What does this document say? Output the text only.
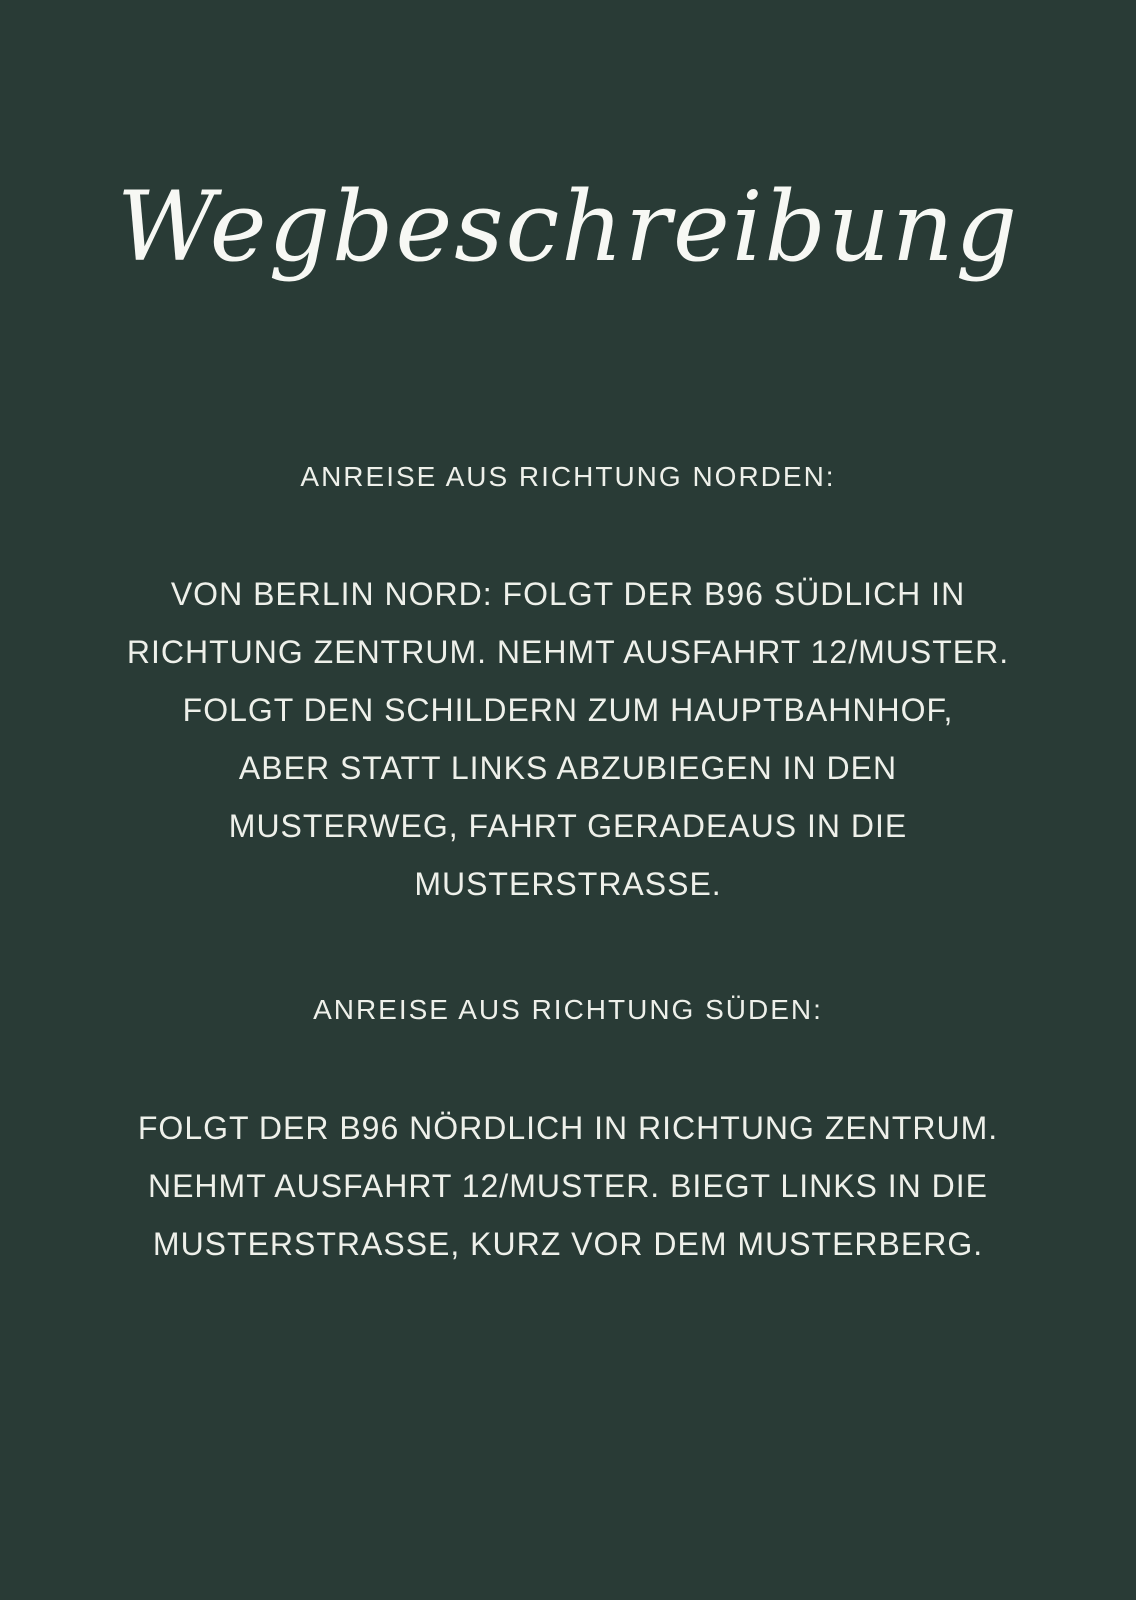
Wegbeschreibung
ANREISE AUS RICHTUNG NORDEN:

VON BERLIN NORD: FOLGT DER B96 SÜDLICH IN
RICHTUNG ZENTRUM. NEHMT AUSFAHRT 12/MUSTER.
FOLGT DEN SCHILDERN ZUM HAUPTBAHNHOF,
ABER STATT LINKS ABZUBIEGEN IN DEN
MUSTERWEG, FAHRT GERADEAUS IN DIE
MUSTERSTRASSE.

ANREISE AUS RICHTUNG SÜDEN:

FOLGT DER B96 NÖRDLICH IN RICHTUNG ZENTRUM.
NEHMT AUSFAHRT 12/MUSTER. BIEGT LINKS IN DIE
MUSTERSTRASSE, KURZ VOR DEM MUSTERBERG.
